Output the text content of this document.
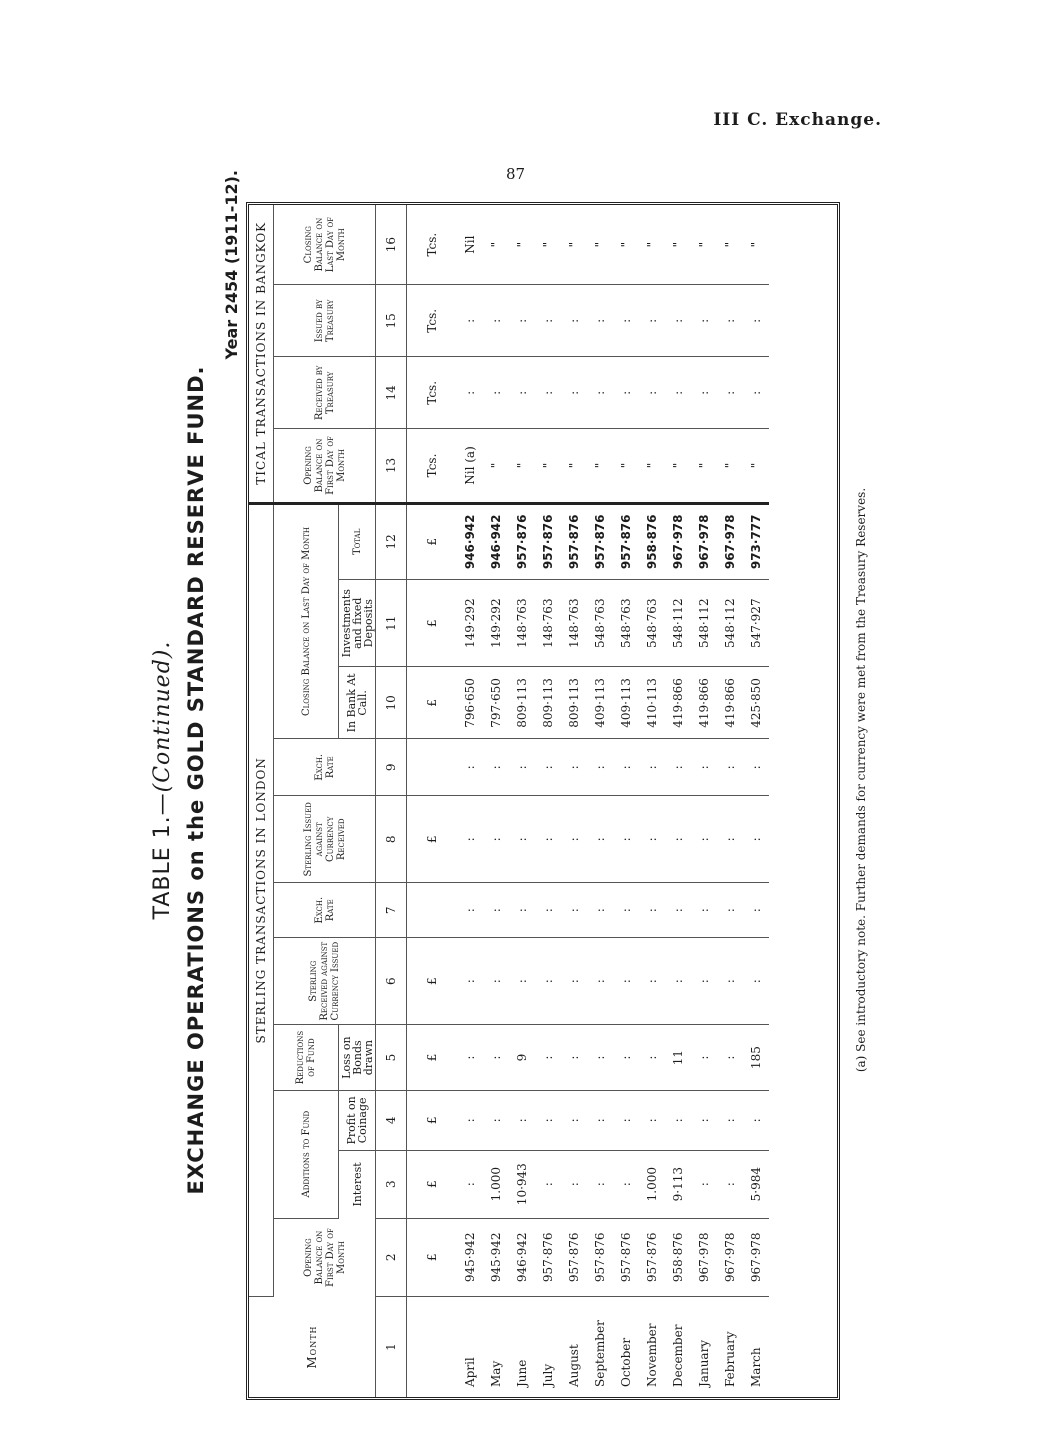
III C. Exchange.
87
TABLE 1.—(Continued). EXCHANGE OPERATIONS on the GOLD STANDARD RESERVE FUND.
Year 2454 (1911-12).
Month	STERLING TRANSACTIONS IN LONDON											TICAL TRANSACTIONS IN BANGKOK			
	Opening Balance on First Day of Month	Additions to Fund		Reductions of Fund	Sterling Received against Currency Issued	Exch. Rate	Sterling Issued against Currency Received	Exch. Rate	Closing Balance on Last Day of Month			Opening Balance on First Day of Month	Received by Treasury	Issued by Treasury	Closing Balance on Last Day of Month
		Interest	Profit on Coinage	Loss on Bonds drawn					In Bank At Call.	Investments and fixed Deposits	Total				
1	2	3	4	5	6	7	8	9	10	11	12	13	14	15	16
	£	£	£	£	£		£		£	£	£	Tcs.	Tcs.	Tcs.	Tcs.
April	945·942	:	:	:	:	:	:	:	796·650	149·292	946·942	Nil (a)	:	:	Nil
May	945·942	1.000	:	:	:	:	:	:	797·650	149·292	946·942	"	:	:	"
June	946·942	10·943	:	9	:	:	:	:	809·113	148·763	957·876	"	:	:	"
July	957·876	:	:	:	:	:	:	:	809·113	148·763	957·876	"	:	:	"
August	957·876	:	:	:	:	:	:	:	809·113	148·763	957·876	"	:	:	"
September	957·876	:	:	:	:	:	:	:	409·113	548·763	957·876	"	:	:	"
October	957·876	:	:	:	:	:	:	:	409·113	548·763	957·876	"	:	:	"
November	957·876	1.000	:	:	:	:	:	:	410·113	548·763	958·876	"	:	:	"
December	958·876	9·113	:	11	:	:	:	:	419·866	548·112	967·978	"	:	:	"
January	967·978	:	:	:	:	:	:	:	419·866	548·112	967·978	"	:	:	"
February	967·978	:	:	:	:	:	:	:	419·866	548·112	967·978	"	:	:	"
March	967·978	5·984	:	185	:	:	:	:	425·850	547·927	973·777	"	:	:	"
(a) See introductory note. Further demands for currency were met from the Treasury Reserves.
